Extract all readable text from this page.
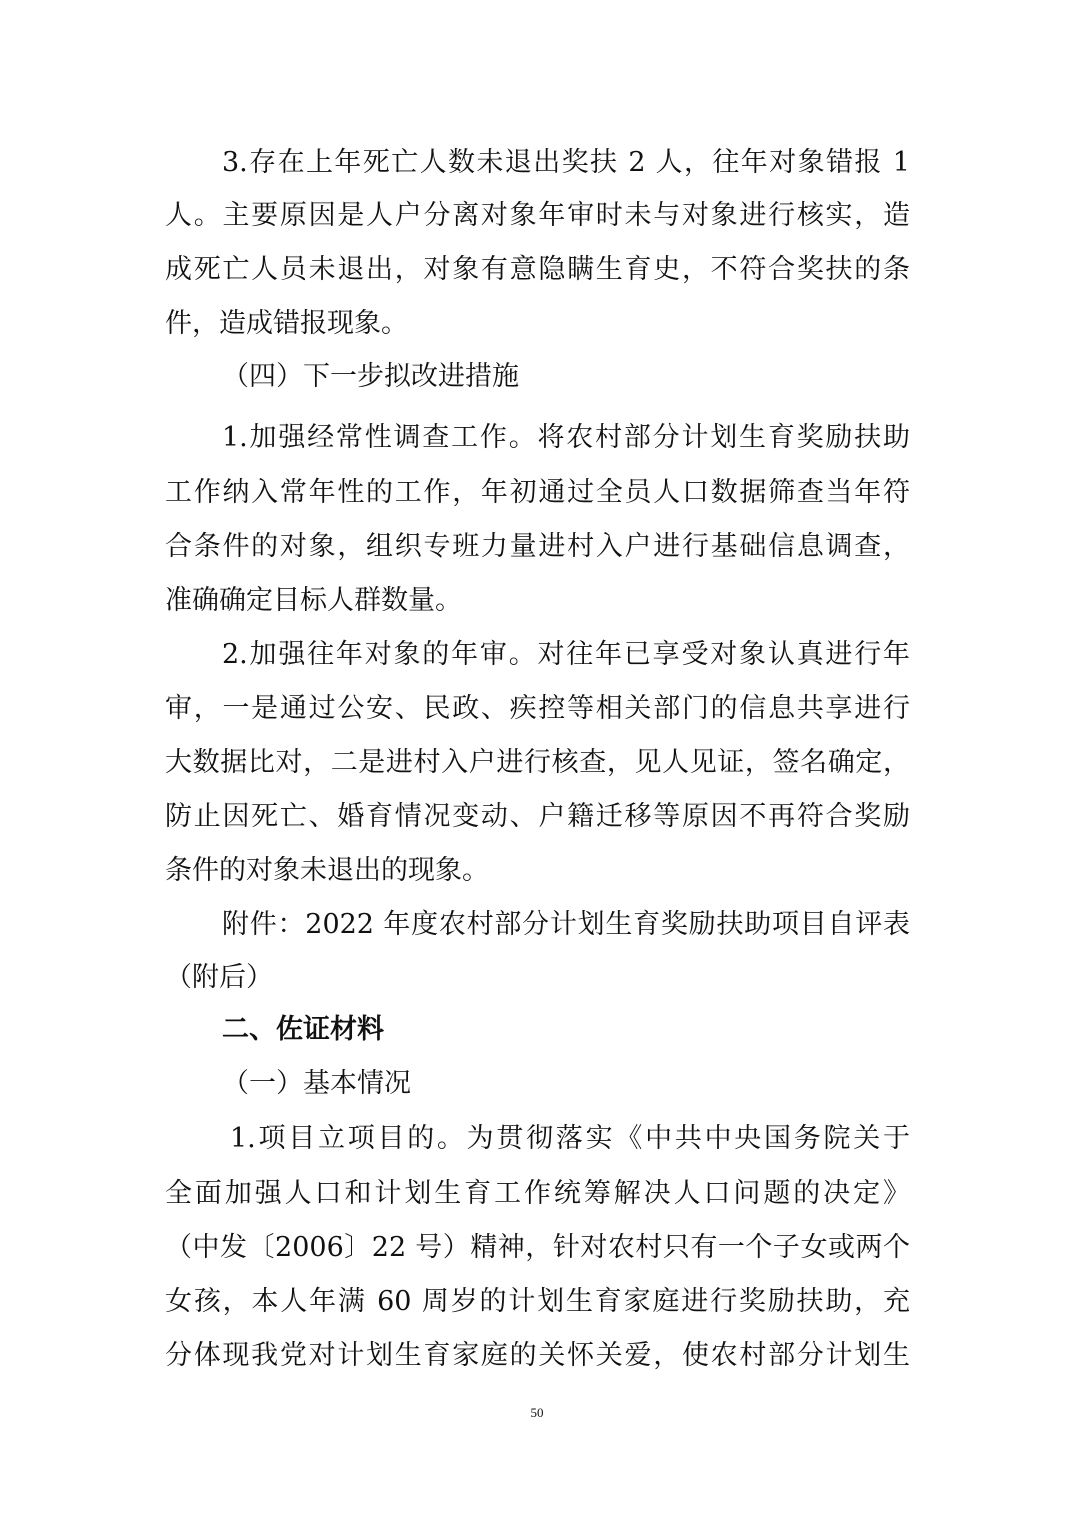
3.存在上年死亡人数未退出奖扶 2 人，往年对象错报 1
人。主要原因是人户分离对象年审时未与对象进行核实，造
成死亡人员未退出，对象有意隐瞒生育史，不符合奖扶的条
件，造成错报现象。
（四）下一步拟改进措施
1.加强经常性调查工作。将农村部分计划生育奖励扶助
工作纳入常年性的工作，年初通过全员人口数据筛查当年符
合条件的对象，组织专班力量进村入户进行基础信息调查，
准确确定目标人群数量。
2.加强往年对象的年审。对往年已享受对象认真进行年
审，一是通过公安、民政、疾控等相关部门的信息共享进行
大数据比对，二是进村入户进行核查，见人见证，签名确定，
防止因死亡、婚育情况变动、户籍迁移等原因不再符合奖励
条件的对象未退出的现象。
附件：2022 年度农村部分计划生育奖励扶助项目自评表
（附后）
二、佐证材料
（一）基本情况
1.项目立项目的。为贯彻落实《中共中央国务院关于
全面加强人口和计划生育工作统筹解决人口问题的决定》
（中发〔2006〕22 号）精神，针对农村只有一个子女或两个
女孩，本人年满 60 周岁的计划生育家庭进行奖励扶助，充
分体现我党对计划生育家庭的关怀关爱，使农村部分计划生
50
